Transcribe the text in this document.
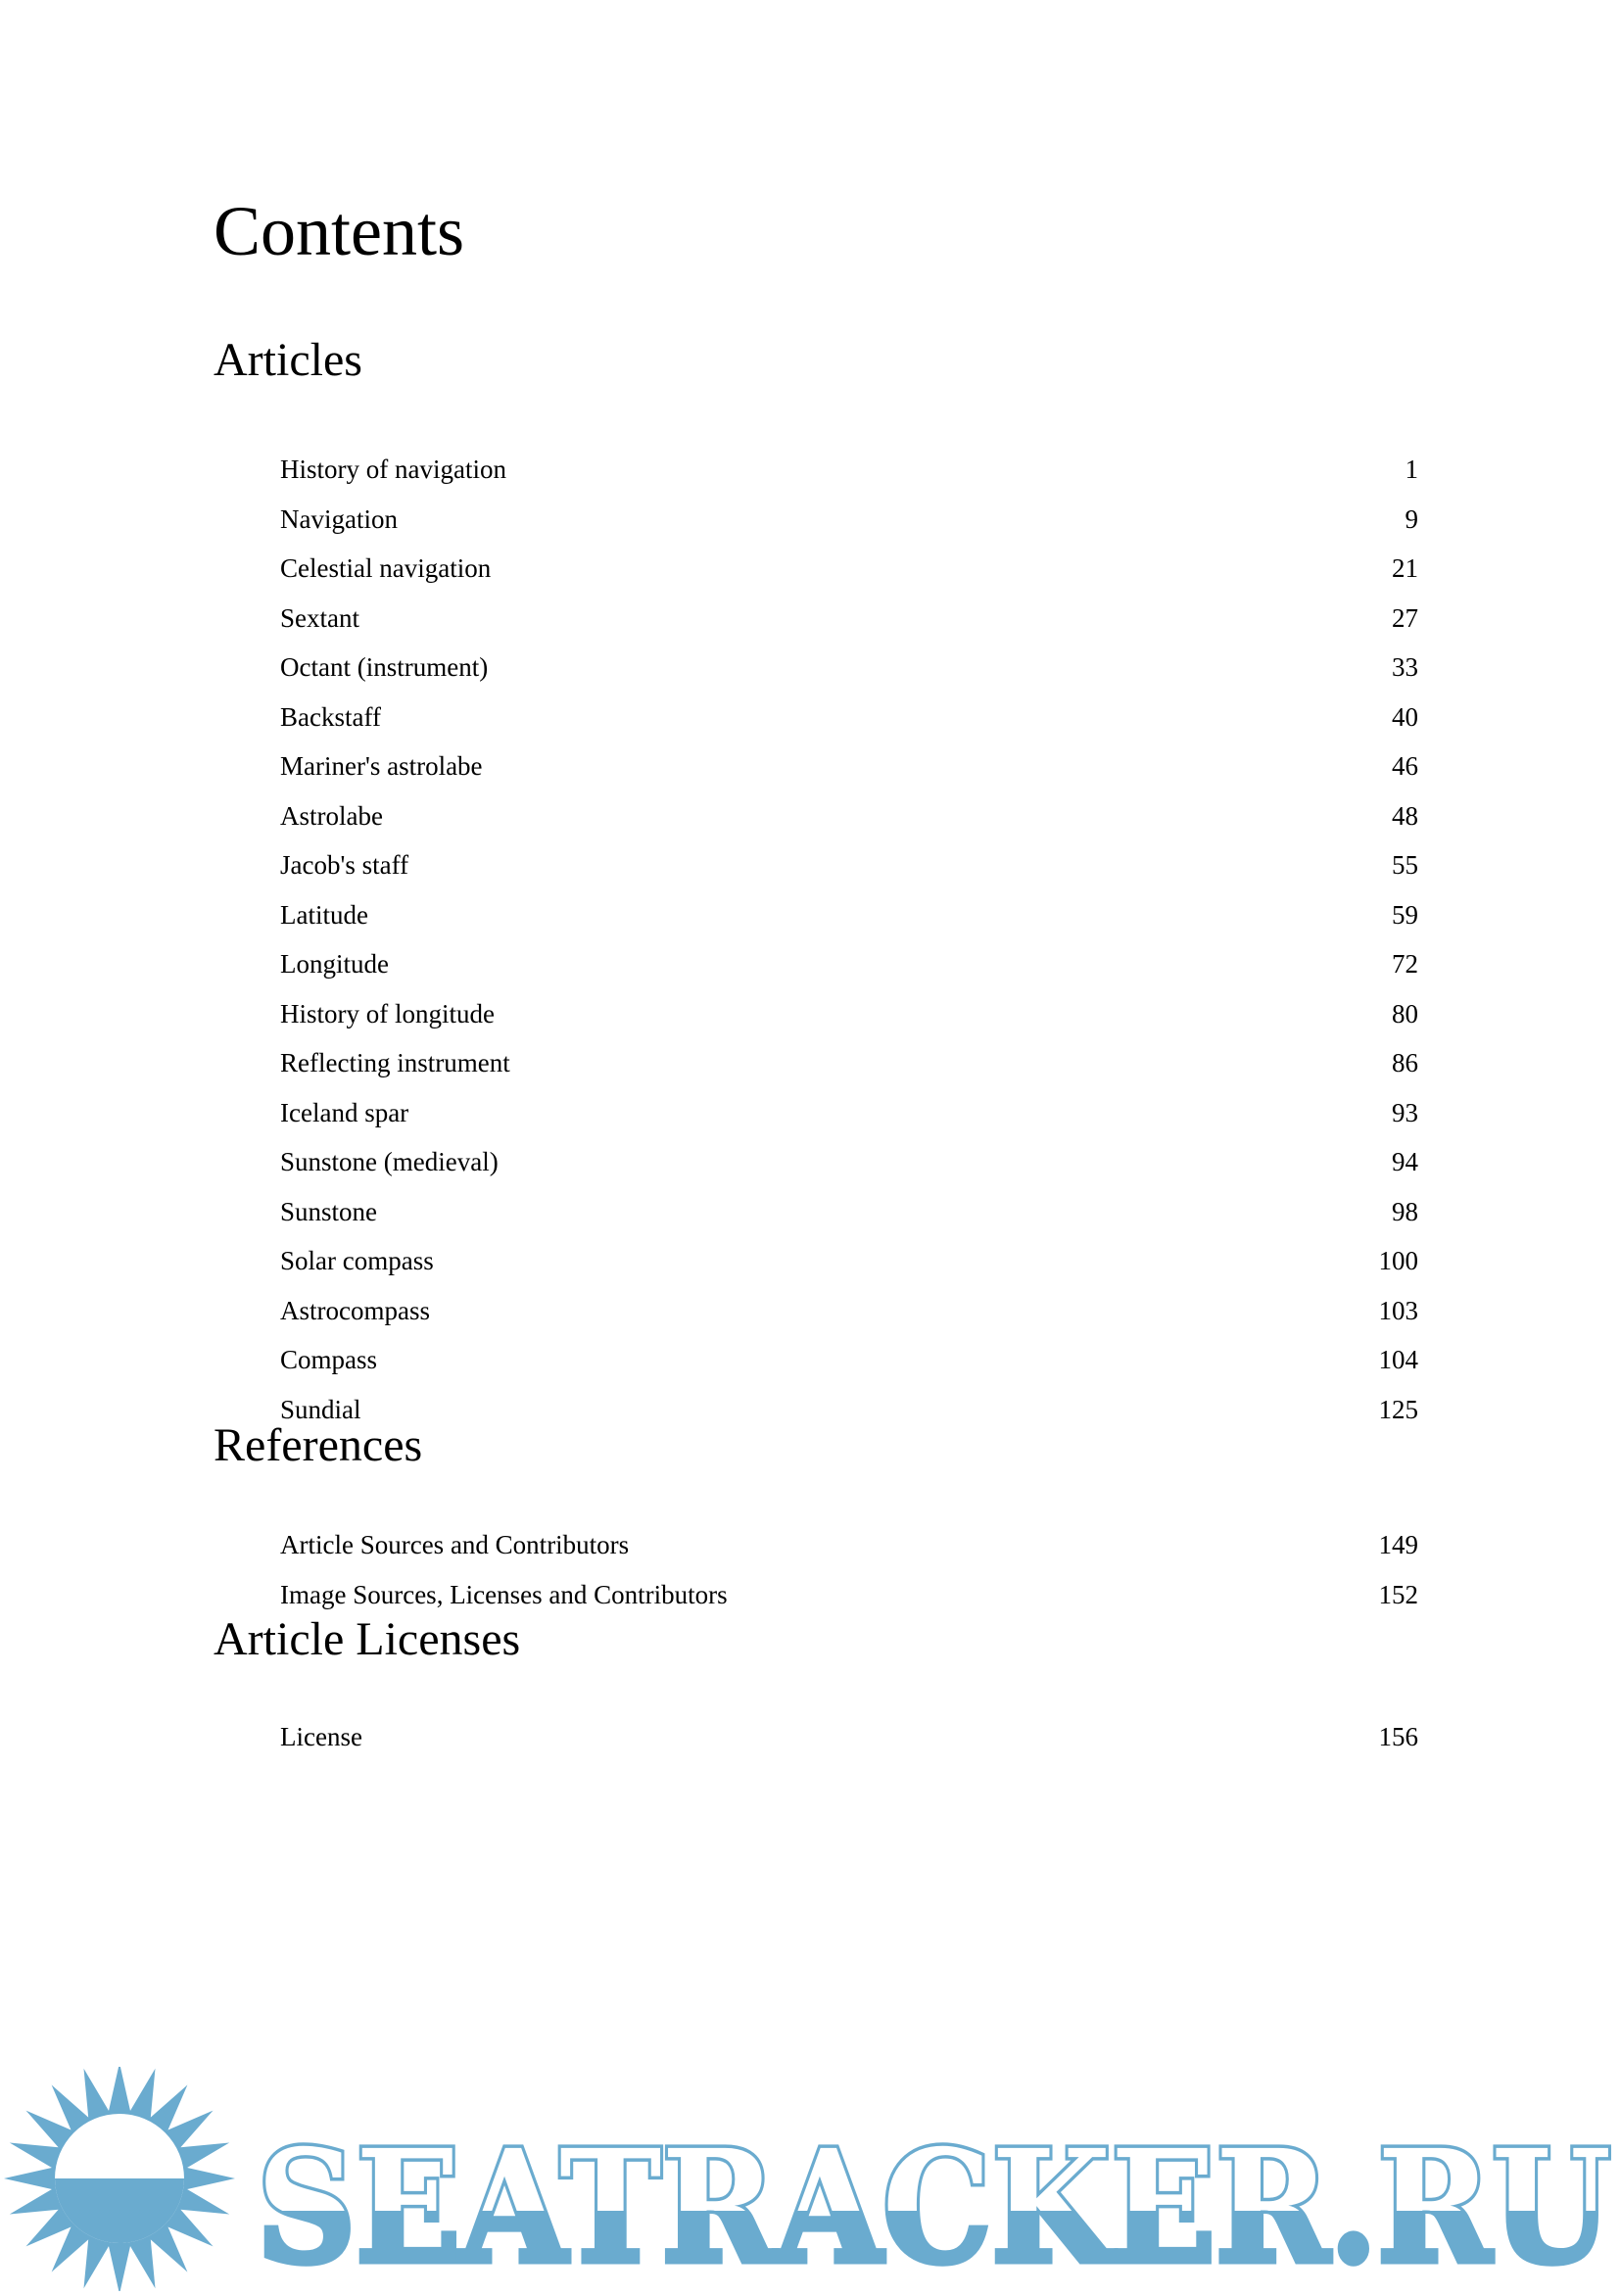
Contents
Articles
History of navigation	1
Navigation	9
Celestial navigation	21
Sextant	27
Octant (instrument)	33
Backstaff	40
Mariner's astrolabe	46
Astrolabe	48
Jacob's staff	55
Latitude	59
Longitude	72
History of longitude	80
Reflecting instrument	86
Iceland spar	93
Sunstone (medieval)	94
Sunstone	98
Solar compass	100
Astrocompass	103
Compass	104
Sundial	125
References
Article Sources and Contributors	149
Image Sources, Licenses and Contributors	152
Article Licenses
License	156
SEATRACKER.RU
